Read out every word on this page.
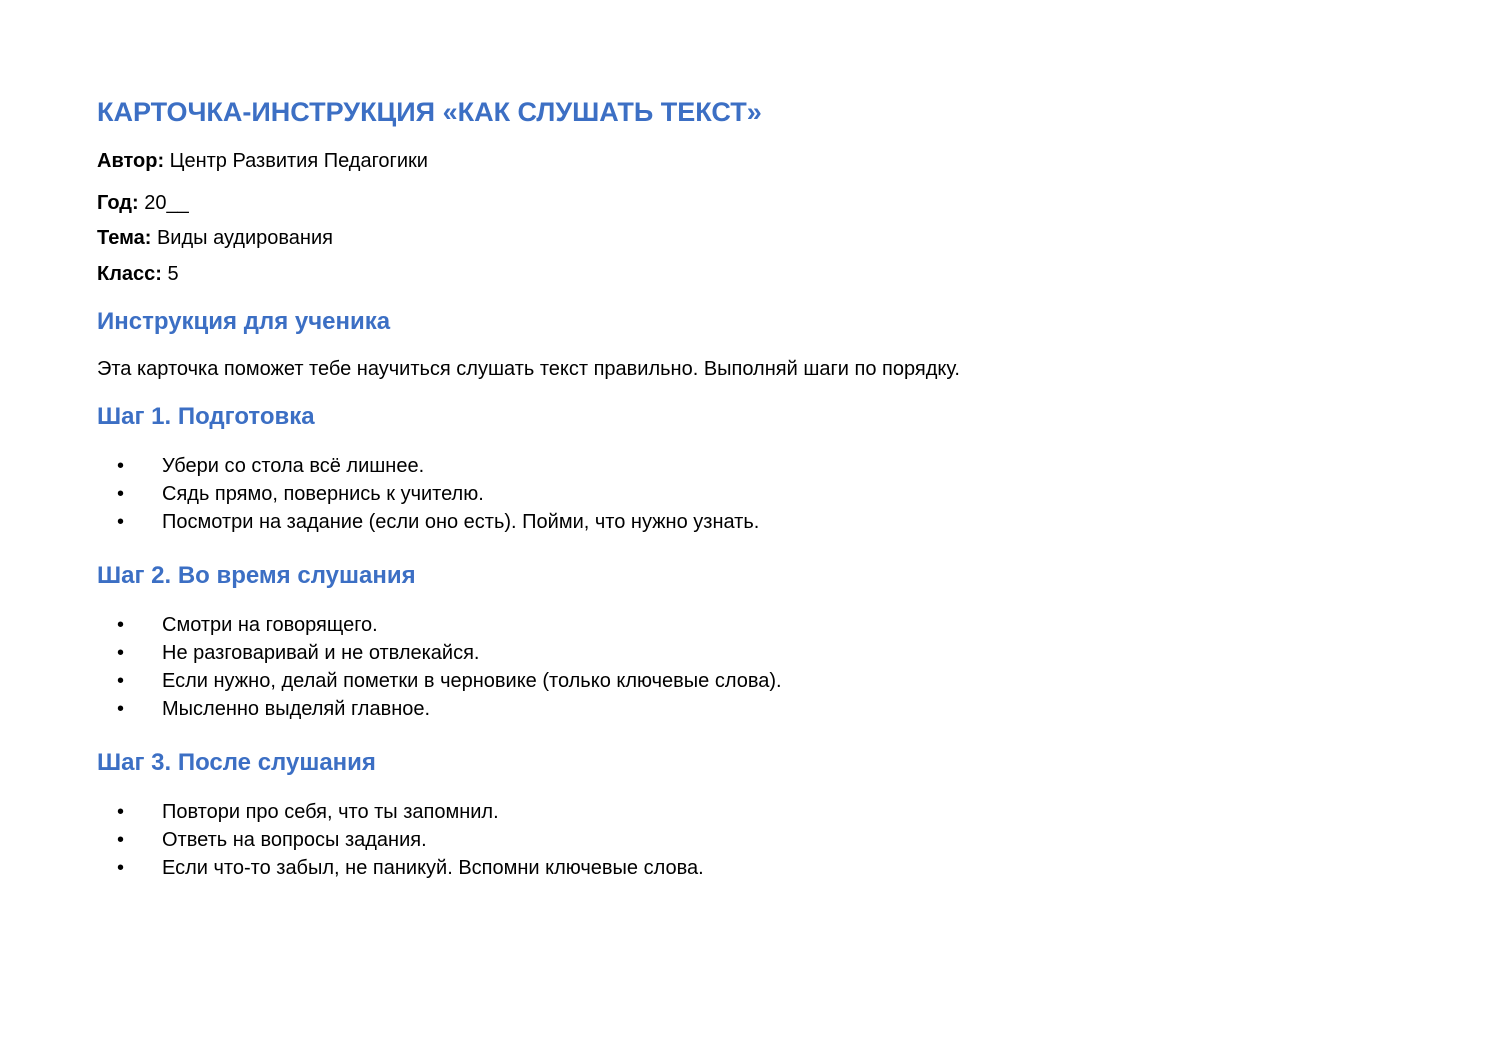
КАРТОЧКА-ИНСТРУКЦИЯ «КАК СЛУШАТЬ ТЕКСТ»
Автор: Центр Развития Педагогики
Год: 20__
Тема: Виды аудирования
Класс: 5
Инструкция для ученика

Эта карточка поможет тебе научиться слушать текст правильно. Выполняй шаги по порядку.

Шаг 1. Подготовка
• Убери со стола всё лишнее.
• Сядь прямо, повернись к учителю.
• Посмотри на задание (если оно есть). Пойми, что нужно узнать.
Шаг 2. Во время слушания
• Смотри на говорящего.
• Не разговаривай и не отвлекайся.
• Если нужно, делай пометки в черновике (только ключевые слова).
• Мысленно выделяй главное.
Шаг 3. После слушания
• Повтори про себя, что ты запомнил.
• Ответь на вопросы задания.
• Если что-то забыл, не паникуй. Вспомни ключевые слова.
